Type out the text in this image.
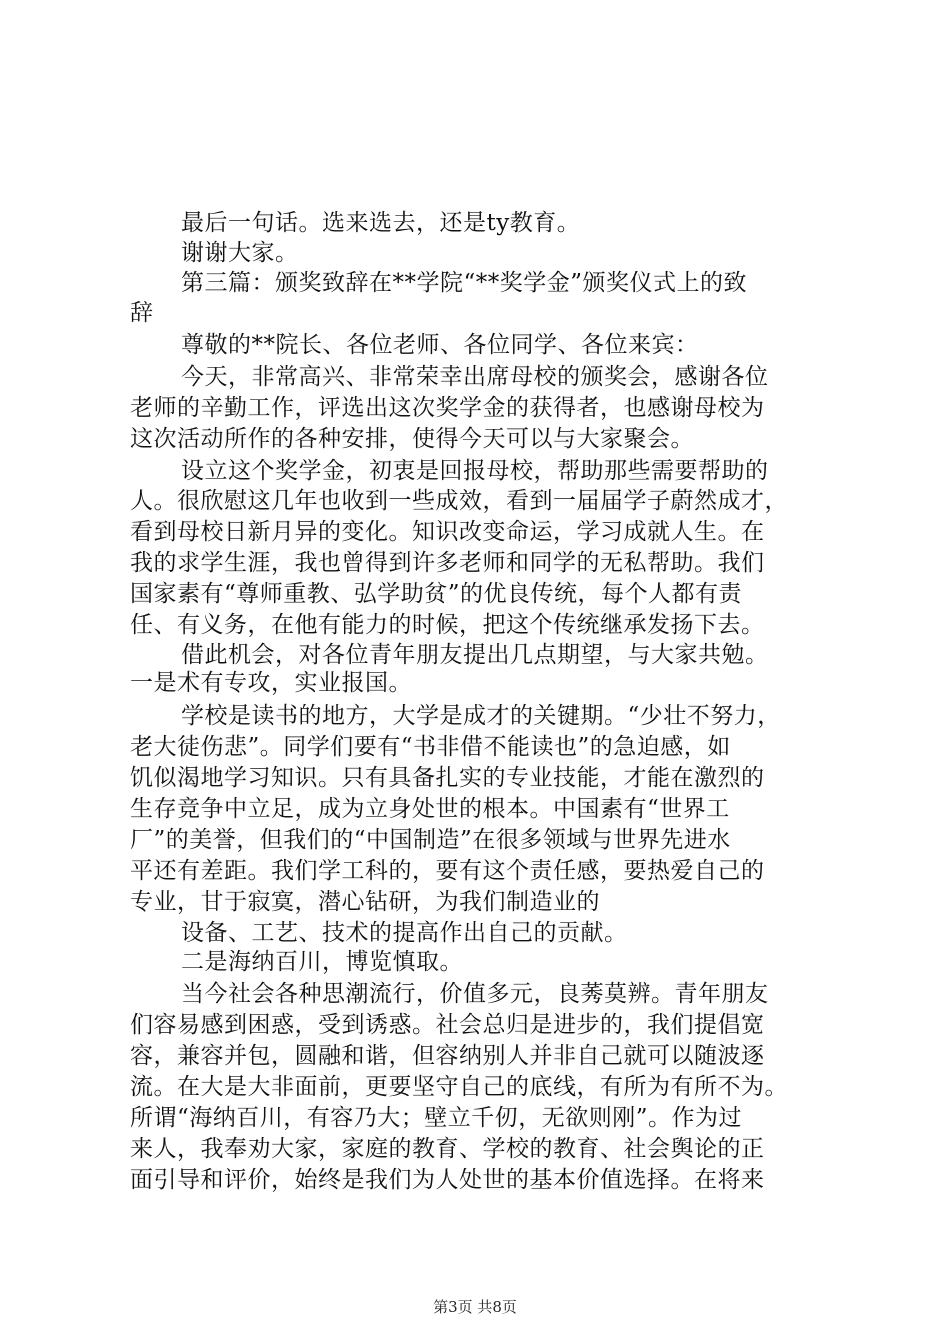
最后一句话。选来选去，还是ty教育。
谢谢大家。
第三篇：颁奖致辞在**学院“**奖学金”颁奖仪式上的致
辞
尊敬的**院长、各位老师、各位同学、各位来宾：
今天，非常高兴、非常荣幸出席母校的颁奖会，感谢各位
老师的辛勤工作，评选出这次奖学金的获得者，也感谢母校为
这次活动所作的各种安排，使得今天可以与大家聚会。
设立这个奖学金，初衷是回报母校，帮助那些需要帮助的
人。很欣慰这几年也收到一些成效，看到一届届学子蔚然成才，
看到母校日新月异的变化。知识改变命运，学习成就人生。在
我的求学生涯，我也曾得到许多老师和同学的无私帮助。我们
国家素有“尊师重教、弘学助贫”的优良传统，每个人都有责
任、有义务，在他有能力的时候，把这个传统继承发扬下去。
借此机会，对各位青年朋友提出几点期望，与大家共勉。
一是术有专攻，实业报国。
学校是读书的地方，大学是成才的关键期。“少壮不努力，
老大徒伤悲”。同学们要有“书非借不能读也”的急迫感，如
饥似渴地学习知识。只有具备扎实的专业技能，才能在激烈的
生存竞争中立足，成为立身处世的根本。中国素有“世界工
厂”的美誉，但我们的“中国制造”在很多领域与世界先进水
平还有差距。我们学工科的，要有这个责任感，要热爱自己的
专业，甘于寂寞，潜心钻研，为我们制造业的
设备、工艺、技术的提高作出自己的贡献。
二是海纳百川，博览慎取。
当今社会各种思潮流行，价值多元，良莠莫辨。青年朋友
们容易感到困惑，受到诱惑。社会总归是进步的，我们提倡宽
容，兼容并包，圆融和谐，但容纳别人并非自己就可以随波逐
流。在大是大非面前，更要坚守自己的底线，有所为有所不为。
所谓“海纳百川，有容乃大；壁立千仞，无欲则刚”。作为过
来人，我奉劝大家，家庭的教育、学校的教育、社会舆论的正
面引导和评价，始终是我们为人处世的基本价值选择。在将来
第3页 共8页
